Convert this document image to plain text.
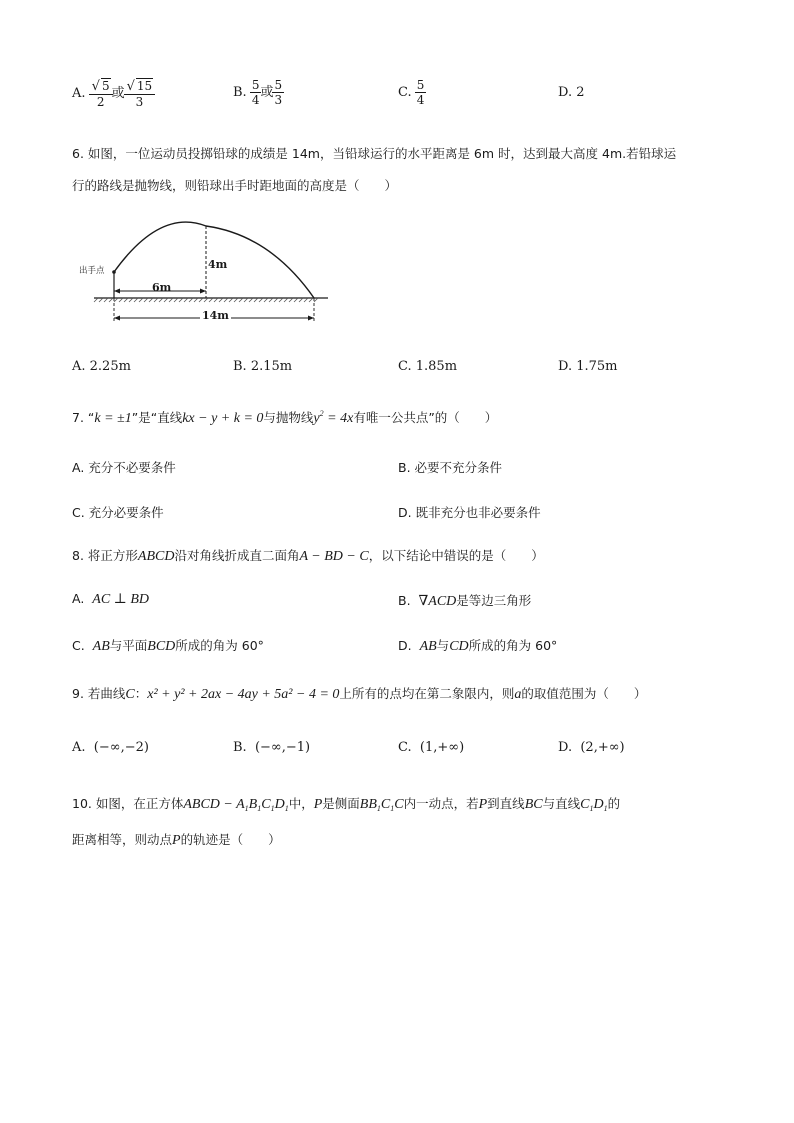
A. $\frac{√ 5}{2}$ 或 $\frac{√ 15}{3}$	B. $\frac{5}{4}$ 或 $\frac{5}{3}$	C. $\frac{5}{4}$	D. 2
6. 如图，一位运动员投掷铅球的成绩是 14m，当铅球运行的水平距离是 6m 时，达到最大高度 4m.若铅球运
行的路线是抛物线，则铅球出手时距地面的高度是（　　）
出手点	4m
6m
14m
A. 2.25m	B. 2.15m	C. 1.85m	D. 1.75m
7. “k = ±1”是“直线kx − y + k = 0与抛物线$y^2 = 4x$有唯一公共点”的（　　）
A. 充分不必要条件	B. 必要不充分条件
C. 充分必要条件	D. 既非充分也非必要条件
8. 将正方形ABCD沿对角线折成直二面角A − BD − C，以下结论中错误的是（　　）
A. AC ⊥ BD	B. ∇ACD是等边三角形
C. AB与平面BCD所成的角为 60°	D. AB与CD所成的角为 60°
9. 若曲线C：x² + y² + 2ax − 4ay + 5a² − 4 = 0上所有的点均在第二象限内，则a的取值范围为（　　）
A. (−∞,−2)	B. (−∞,−1)	C. (1,+∞)	D. (2,+∞)
10. 如图，在正方体ABCD − $A_1B_1C_1D_1$中，P是侧面$BB_1C_1C$内一动点，若P到直线BC与直线$C_1D_1$的
距离相等，则动点P的轨迹是（　　）
